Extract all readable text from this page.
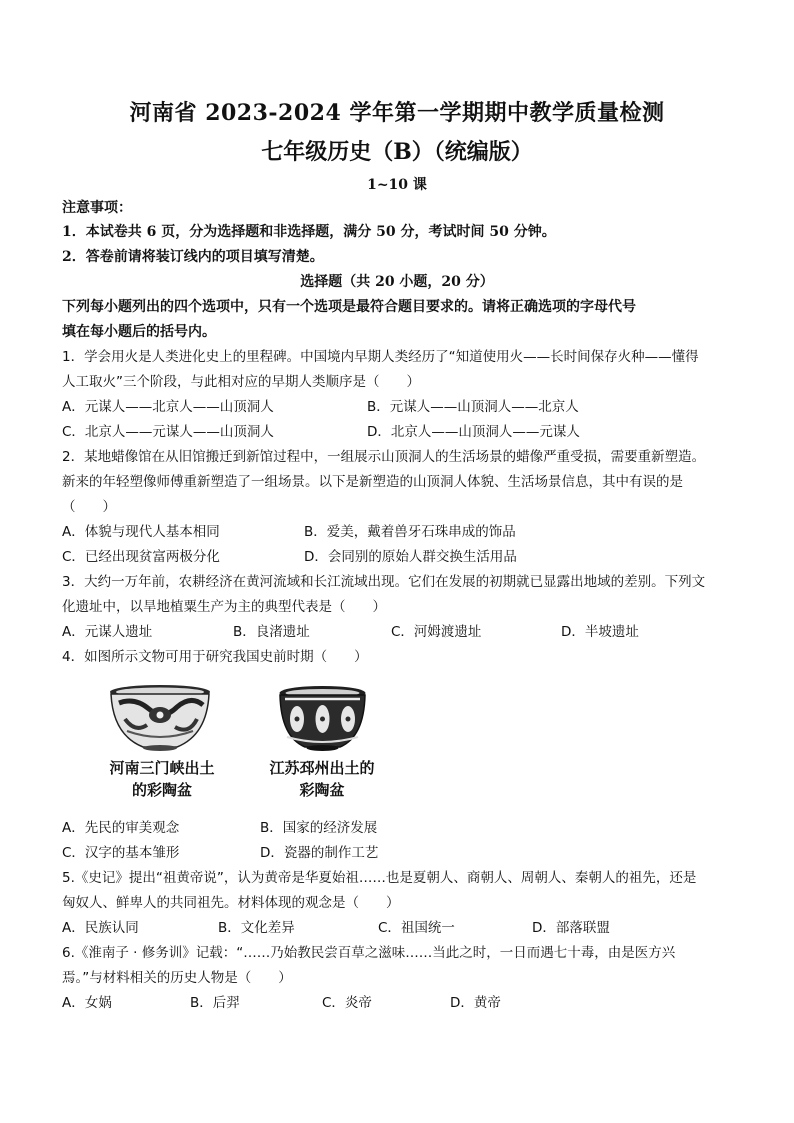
河南省 2023-2024 学年第一学期期中教学质量检测
七年级历史（B）（统编版）
1~10 课
注意事项：
1．本试卷共 6 页，分为选择题和非选择题，满分 50 分，考试时间 50 分钟。
2．答卷前请将装订线内的项目填写清楚。
选择题（共 20 小题，20 分）
下列每小题列出的四个选项中，只有一个选项是最符合题目要求的。请将正确选项的字母代号
填在每小题后的括号内。
1．学会用火是人类进化史上的里程碑。中国境内早期人类经历了“知道使用火——长时间保存火种——懂得
人工取火”三个阶段，与此相对应的早期人类顺序是（　　）
A．元谋人——北京人——山顶洞人	B．元谋人——山顶洞人——北京人
C．北京人——元谋人——山顶洞人	D．北京人——山顶洞人——元谋人
2．某地蜡像馆在从旧馆搬迁到新馆过程中，一组展示山顶洞人的生活场景的蜡像严重受损，需要重新塑造。
新来的年轻塑像师傅重新塑造了一组场景。以下是新塑造的山顶洞人体貌、生活场景信息，其中有误的是
（　　）
A．体貌与现代人基本相同	B．爱美，戴着兽牙石珠串成的饰品
C．已经出现贫富两极分化	D．会同别的原始人群交换生活用品
3．大约一万年前，农耕经济在黄河流域和长江流域出现。它们在发展的初期就已显露出地域的差别。下列文
化遗址中，以旱地植粟生产为主的典型代表是（　　）
A．元谋人遗址	B．良渚遗址	C．河姆渡遗址	D．半坡遗址
4．如图所示文物可用于研究我国史前时期（　　）
河南三门峡出土
的彩陶盆
江苏邳州出土的
彩陶盆
A．先民的审美观念	B．国家的经济发展
C．汉字的基本雏形	D．瓷器的制作工艺
5.《史记》提出“祖黄帝说”，认为黄帝是华夏始祖……也是夏朝人、商朝人、周朝人、秦朝人的祖先，还是
匈奴人、鲜卑人的共同祖先。材料体现的观念是（　　）
A．民族认同	B．文化差异	C．祖国统一	D．部落联盟
6.《淮南子 · 修务训》记载：“……乃始教民尝百草之滋味……当此之时，一日而遇七十毒，由是医方兴
焉。”与材料相关的历史人物是（　　）
A．女娲	B．后羿	C．炎帝	D．黄帝
